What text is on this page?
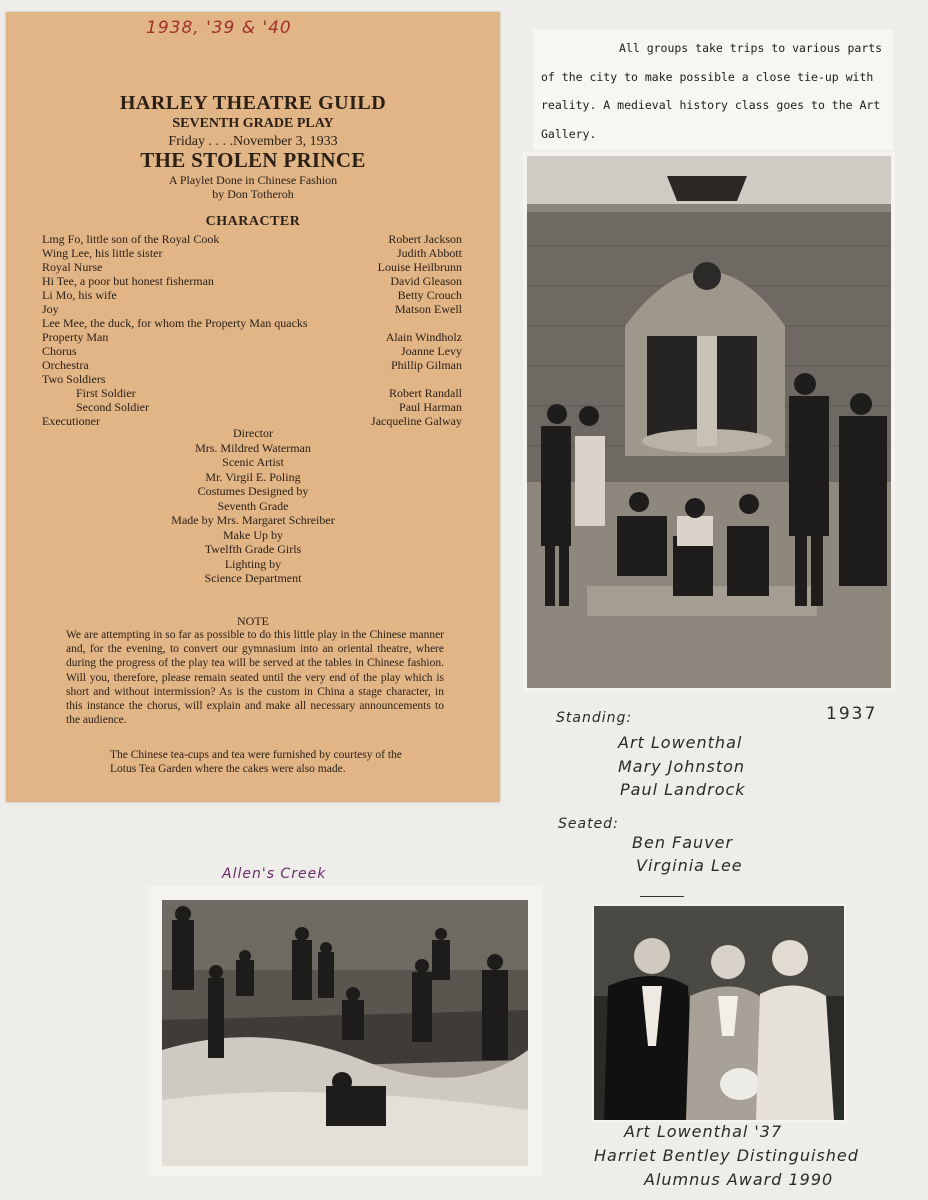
1938, '39 & '40
HARLEY THEATRE GUILD
SEVENTH GRADE PLAY
Friday . . . .November 3, 1933
THE STOLEN PRINCE
A Playlet Done in Chinese Fashion
by Don Totheroh
CHARACTER
Lmg Fo, little son of the Royal Cook	Robert Jackson
Wing Lee, his little sister	Judith Abbott
Royal Nurse	Louise Heilbrunn
Hi Tee, a poor but honest fisherman	David Gleason
Li Mo, his wife	Betty Crouch
Joy	Matson Ewell
Lee Mee, the duck, for whom the Property Man quacks
Property Man	Alain Windholz
Chorus	Joanne Levy
Orchestra	Phillip Gilman
Two Soldiers
First Soldier	Robert Randall
Second Soldier	Paul Harman
Executioner	Jacqueline Galway
Director
Mrs. Mildred Waterman
Scenic Artist
Mr. Virgil E. Poling
Costumes Designed by
Seventh Grade
Made by Mrs. Margaret Schreiber
Make Up by
Twelfth Grade Girls
Lighting by
Science Department
NOTE
We are attempting in so far as possible to do this little play in the Chinese manner and, for the evening, to convert our gymnasium into an oriental theatre, where during the progress of the play tea will be served at the tables in Chinese fashion. Will you, therefore, please remain seated until the very end of the play which is short and without intermission? As is the custom in China a stage character, in this instance the chorus, will explain and make all necessary announcements to the audience.
The Chinese tea-cups and tea were furnished by courtesy of the Lotus Tea Garden where the cakes were also made.

All groups take trips to various parts of the city to make possible a close tie-up with reality. A medieval history class goes to the Art Gallery.

1937
Standing:
Art Lowenthal
Mary Johnston
Paul Landrock
Seated:
Ben Fauver
Virginia Lee
Allen's Creek
Art Lowenthal '37
Harriet Bentley Distinguished
Alumnus Award 1990
